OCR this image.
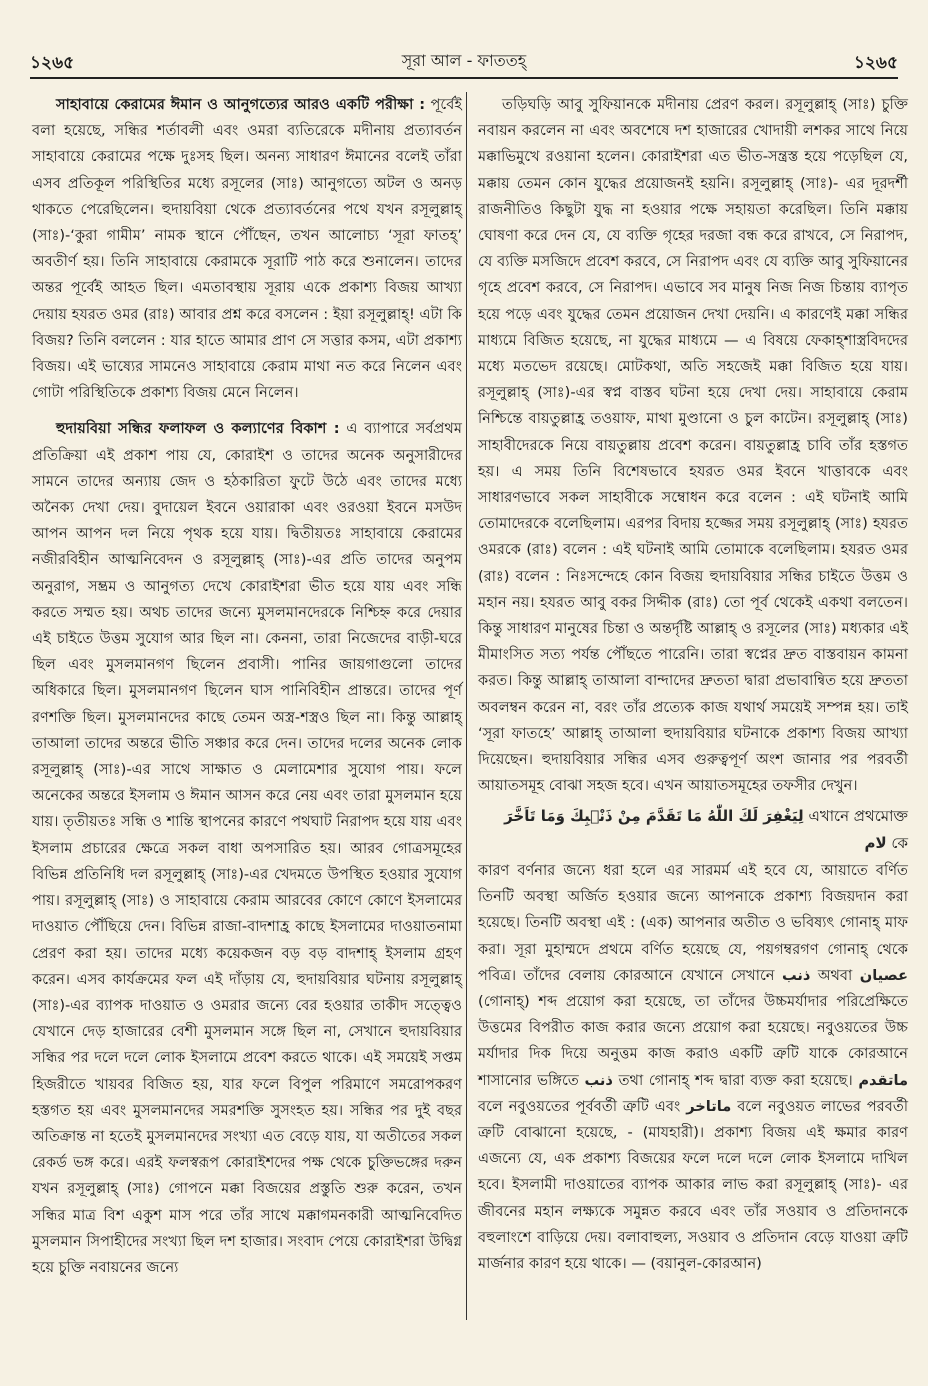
১২৬৫	সূরা আল - ফাততহ্‌	১২৬৫

সাহাবায়ে কেরামের ঈমান ও আনুগত্যের আরও একটি পরীক্ষা : পূর্বেই বলা হয়েছে, সন্ধির শর্তাবলী এবং ওমরা ব্যতিরেকে মদীনায় প্রত্যাবর্তন সাহাবায়ে কেরামের পক্ষে দুঃসহ ছিল। অনন্য সাধারণ ঈমানের বলেই তাঁরা এসব প্রতিকূল পরিস্থিতির মধ্যে রসূলের (সাঃ) আনুগত্যে অটল ও অনড় থাকতে পেরেছিলেন। হুদায়বিয়া থেকে প্রত্যাবর্তনের পথে যখন রসূলুল্লাহ্ (সাঃ)-‘কুরা গামীম’ নামক স্থানে পৌঁছেন, তখন আলোচ্য ‘সূরা ফাতহ্’ অবতীর্ণ হয়। তিনি সাহাবায়ে কেরামকে সূরাটি পাঠ করে শুনালেন। তাদের অন্তর পূর্বেই আহত ছিল। এমতাবস্থায় সূরায় একে প্রকাশ্য বিজয় আখ্যা দেয়ায় হযরত ওমর (রাঃ) আবার প্রশ্ন করে বসলেন : ইয়া রসূলুল্লাহ্! এটা কি বিজয়? তিনি বললেন : যার হাতে আমার প্রাণ সে সত্তার কসম, এটা প্রকাশ্য বিজয়। এই ভাষ্যের সামনেও সাহাবায়ে কেরাম মাথা নত করে নিলেন এবং গোটা পরিস্থিতিকে প্রকাশ্য বিজয় মেনে নিলেন।

হুদায়বিয়া সন্ধির ফলাফল ও কল্যাণের বিকাশ : এ ব্যাপারে সর্বপ্রথম প্রতিক্রিয়া এই প্রকাশ পায় যে, কোরাইশ ও তাদের অনেক অনুসারীদের সামনে তাদের অন্যায় জেদ ও হঠকারিতা ফুটে উঠে এবং তাদের মধ্যে অনৈক্য দেখা দেয়। বুদায়েল ইবনে ওয়ারাকা এবং ওরওয়া ইবনে মসউদ আপন আপন দল নিয়ে পৃথক হয়ে যায়। দ্বিতীয়তঃ সাহাবায়ে কেরামের নজীরবিহীন আত্মনিবেদন ও রসূলুল্লাহ্ (সাঃ)-এর প্রতি তাদের অনুপম অনুরাগ, সম্ভ্রম ও আনুগত্য দেখে কোরাইশরা ভীত হয়ে যায় এবং সন্ধি করতে সম্মত হয়। অথচ তাদের জন্যে মুসলমানদেরকে নিশ্চিহ্ন করে দেয়ার এই চাইতে উত্তম সুযোগ আর ছিল না। কেননা, তারা নিজেদের বাড়ী-ঘরে ছিল এবং মুসলমানগণ ছিলেন প্রবাসী। পানির জায়গাগুলো তাদের অধিকারে ছিল। মুসলমানগণ ছিলেন ঘাস পানিবিহীন প্রান্তরে। তাদের পূর্ণ রণশক্তি ছিল। মুসলমানদের কাছে তেমন অস্ত্র-শস্ত্রও ছিল না। কিন্তু আল্লাহ্ তাআলা তাদের অন্তরে ভীতি সঞ্চার করে দেন। তাদের দলের অনেক লোক রসূলুল্লাহ্ (সাঃ)-এর সাথে সাক্ষাত ও মেলামেশার সুযোগ পায়। ফলে অনেকের অন্তরে ইসলাম ও ঈমান আসন করে নেয় এবং তারা মুসলমান হয়ে যায়। তৃতীয়তঃ সন্ধি ও শান্তি স্থাপনের কারণে পথঘাট নিরাপদ হয়ে যায় এবং ইসলাম প্রচারের ক্ষেত্রে সকল বাধা অপসারিত হয়। আরব গোত্রসমূহের বিভিন্ন প্রতিনিধি দল রসূলুল্লাহ্ (সাঃ)-এর খেদমতে উপস্থিত হওয়ার সুযোগ পায়। রসূলুল্লাহ্ (সাঃ) ও সাহাবায়ে কেরাম আরবের কোণে কোণে ইসলামের দাওয়াত পৌঁছিয়ে দেন। বিভিন্ন রাজা-বাদশাহ্র কাছে ইসলামের দাওয়াতনামা প্রেরণ করা হয়। তাদের মধ্যে কয়েকজন বড় বড় বাদশাহ্ ইসলাম গ্রহণ করেন। এসব কার্যক্রমের ফল এই দাঁড়ায় যে, হুদায়বিয়ার ঘটনায় রসূলুল্লাহ্ (সাঃ)-এর ব্যাপক দাওয়াত ও ওমরার জন্যে বের হওয়ার তাকীদ সত্ত্বেও যেখানে দেড় হাজারের বেশী মুসলমান সঙ্গে ছিল না, সেখানে হুদায়বিয়ার সন্ধির পর দলে দলে লোক ইসলামে প্রবেশ করতে থাকে। এই সময়েই সপ্তম হিজরীতে খায়বর বিজিত হয়, যার ফলে বিপুল পরিমাণে সমরোপকরণ হস্তগত হয় এবং মুসলমানদের সমরশক্তি সুসংহত হয়। সন্ধির পর দুই বছর অতিক্রান্ত না হতেই মুসলমানদের সংখ্যা এত বেড়ে যায়, যা অতীতের সকল রেকর্ড ভঙ্গ করে। এরই ফলস্বরূপ কোরাইশদের পক্ষ থেকে চুক্তিভঙ্গের দরুন যখন রসূলুল্লাহ্ (সাঃ) গোপনে মক্কা বিজয়ের প্রস্তুতি শুরু করেন, তখন সন্ধির মাত্র বিশ একুশ মাস পরে তাঁর সাথে মক্কাগমনকারী আত্মনিবেদিত মুসলমান সিপাহীদের সংখ্যা ছিল দশ হাজার। সংবাদ পেয়ে কোরাইশরা উদ্বিগ্ন হয়ে চুক্তি নবায়নের জন্যে

তড়িঘড়ি আবু সুফিয়ানকে মদীনায় প্রেরণ করল। রসূলুল্লাহ্ (সাঃ) চুক্তি নবায়ন করলেন না এবং অবশেষে দশ হাজারের খোদায়ী লশকর সাথে নিয়ে মক্কাভিমুখে রওয়ানা হলেন। কোরাইশরা এত ভীত-সন্ত্রস্ত হয়ে পড়েছিল যে, মক্কায় তেমন কোন যুদ্ধের প্রয়োজনই হয়নি। রসূলুল্লাহ্ (সাঃ)- এর দূরদর্শী রাজনীতিও কিছুটা যুদ্ধ না হওয়ার পক্ষে সহায়তা করেছিল। তিনি মক্কায় ঘোষণা করে দেন যে, যে ব্যক্তি গৃহের দরজা বন্ধ করে রাখবে, সে নিরাপদ, যে ব্যক্তি মসজিদে প্রবেশ করবে, সে নিরাপদ এবং যে ব্যক্তি আবু সুফিয়ানের গৃহে প্রবেশ করবে, সে নিরাপদ। এভাবে সব মানুষ নিজ নিজ চিন্তায় ব্যাপৃত হয়ে পড়ে এবং যুদ্ধের তেমন প্রয়োজন দেখা দেয়নি। এ কারণেই মক্কা সন্ধির মাধ্যমে বিজিত হয়েছে, না যুদ্ধের মাধ্যমে — এ বিষয়ে ফেকাহ্শাস্ত্রবিদদের মধ্যে মতভেদ রয়েছে। মোটকথা, অতি সহজেই মক্কা বিজিত হয়ে যায়। রসূলুল্লাহ্ (সাঃ)-এর স্বপ্ন বাস্তব ঘটনা হয়ে দেখা দেয়। সাহাবায়ে কেরাম নিশ্চিন্তে বায়তুল্লাহ্র তওয়াফ, মাথা মুণ্ডানো ও চুল কাটেন। রসূলুল্লাহ্ (সাঃ) সাহাবীদেরকে নিয়ে বায়তুল্লায় প্রবেশ করেন। বায়তুল্লাহ্র চাবি তাঁর হস্তগত হয়। এ সময় তিনি বিশেষভাবে হযরত ওমর ইবনে খাত্তাবকে এবং সাধারণভাবে সকল সাহাবীকে সম্বোধন করে বলেন : এই ঘটনাই আমি তোমাদেরকে বলেছিলাম। এরপর বিদায় হজ্জের সময় রসূলুল্লাহ্ (সাঃ) হযরত ওমরকে (রাঃ) বলেন : এই ঘটনাই আমি তোমাকে বলেছিলাম। হযরত ওমর (রাঃ) বলেন : নিঃসন্দেহে কোন বিজয় হুদায়বিয়ার সন্ধির চাইতে উত্তম ও মহান নয়। হযরত আবু বকর সিদ্দীক (রাঃ) তো পূর্ব থেকেই একথা বলতেন। কিন্তু সাধারণ মানুষের চিন্তা ও অন্তর্দৃষ্টি আল্লাহ্ ও রসূলের (সাঃ) মধ্যকার এই মীমাংসিত সত্য পর্যন্ত পৌঁছতে পারেনি। তারা স্বপ্নের দ্রুত বাস্তবায়ন কামনা করত। কিন্তু আল্লাহ্ তাআলা বান্দাদের দ্রুততা দ্বারা প্রভাবান্বিত হয়ে দ্রুততা অবলম্বন করেন না, বরং তাঁর প্রত্যেক কাজ যথার্থ সময়েই সম্পন্ন হয়। তাই ‘সূরা ফাতহে’ আল্লাহ্ তাআলা হুদায়বিয়ার ঘটনাকে প্রকাশ্য বিজয় আখ্যা দিয়েছেন। হুদায়বিয়ার সন্ধির এসব গুরুত্বপূর্ণ অংশ জানার পর পরবর্তী আয়াতসমূহ বোঝা সহজ হবে। এখন আয়াতসমূহের তফসীর দেখুন।

لِيَغْفِرَ لَكَ اللّٰهُ مَا تَقَدَّمَ مِنْ ذَنْۢبِكَ وَمَا تَاَخَّرَ এখানে প্রথমোক্ত لام কে

কারণ বর্ণনার জন্যে ধরা হলে এর সারমর্ম এই হবে যে, আয়াতে বর্ণিত তিনটি অবস্থা অর্জিত হওয়ার জন্যে আপনাকে প্রকাশ্য বিজয়দান করা হয়েছে। তিনটি অবস্থা এই : (এক) আপনার অতীত ও ভবিষ্যৎ গোনাহ্ মাফ করা। সূরা মুহাম্মদে প্রথমে বর্ণিত হয়েছে যে, পয়গম্বরগণ গোনাহ্ থেকে পবিত্র। তাঁদের বেলায় কোরআনে যেখানে সেখানে ذنب অথবা عصيان (গোনাহ্) শব্দ প্রয়োগ করা হয়েছে, তা তাঁদের উচ্চমর্যাদার পরিপ্রেক্ষিতে উত্তমের বিপরীত কাজ করার জন্যে প্রয়োগ করা হয়েছে। নবুওয়তের উচ্চ মর্যাদার দিক দিয়ে অনুত্তম কাজ করাও একটি ত্রুটি যাকে কোরআনে শাসানোর ভঙ্গিতে ذنب তথা গোনাহ্ শব্দ দ্বারা ব্যক্ত করা হয়েছে। ماتقدم বলে নবুওয়তের পূর্ববর্তী ত্রুটি এবং ماتاخر বলে নবুওয়ত লাভের পরবর্তী ত্রুটি বোঝানো হয়েছে, - (মাযহারী)। প্রকাশ্য বিজয় এই ক্ষমার কারণ এজন্যে যে, এক প্রকাশ্য বিজয়ের ফলে দলে দলে লোক ইসলামে দাখিল হবে। ইসলামী দাওয়াতের ব্যাপক আকার লাভ করা রসূলুল্লাহ্ (সাঃ)- এর জীবনের মহান লক্ষ্যকে সমুন্নত করবে এবং তাঁর সওয়াব ও প্রতিদানকে বহুলাংশে বাড়িয়ে দেয়। বলাবাহুল্য, সওয়াব ও প্রতিদান বেড়ে যাওয়া ত্রুটি মার্জনার কারণ হয়ে থাকে। — (বয়ানুল-কোরআন)
